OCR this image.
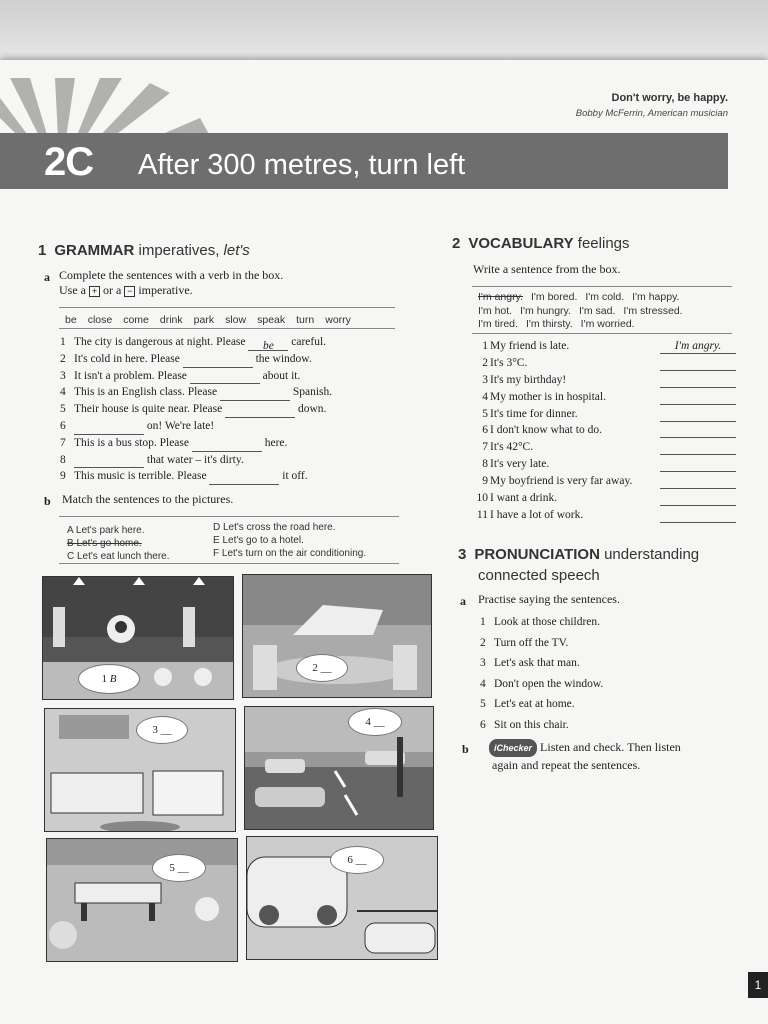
Don't worry, be happy.
Bobby McFerrin, American musician
2C After 300 metres, turn left
1 GRAMMAR imperatives, let's
a Complete the sentences with a verb in the box.
Use a + or a − imperative.
be close come drink park slow speak turn worry
1 The city is dangerous at night. Please be careful.
2 It's cold in here. Please	the window.
3 It isn't a problem. Please	about it.
4 This is an English class. Please	Spanish.
5 Their house is quite near. Please	down.
6	on! We're late!
7 This is a bus stop. Please	here.
8	that water – it's dirty.
9 This music is terrible. Please	it off.
b Match the sentences to the pictures.
A Let's park here.
B Let's go home.
C Let's eat lunch there.
D Let's cross the road here.
E Let's go to a hotel.
F Let's turn on the air conditioning.
1 B
2 __
3 __
4 __
5 __
6 __
2 VOCABULARY feelings
Write a sentence from the box.
I'm angry. I'm bored. I'm cold. I'm happy.
I'm hot. I'm hungry. I'm sad. I'm stressed.
I'm tired. I'm thirsty. I'm worried.
1 My friend is late.	I'm angry.
2 It's 3°C.
3 It's my birthday!
4 My mother is in hospital.
5 It's time for dinner.
6 I don't know what to do.
7 It's 42°C.
8 It's very late.
9 My boyfriend is very far away.
10 I want a drink.
11 I have a lot of work.
3 PRONUNCIATION understanding
connected speech
a Practise saying the sentences.
1 Look at those children.
2 Turn off the TV.
3 Let's ask that man.
4 Don't open the window.
5 Let's eat at home.
6 Sit on this chair.
b	iChecker Listen and check. Then listen
again and repeat the sentences.
1
